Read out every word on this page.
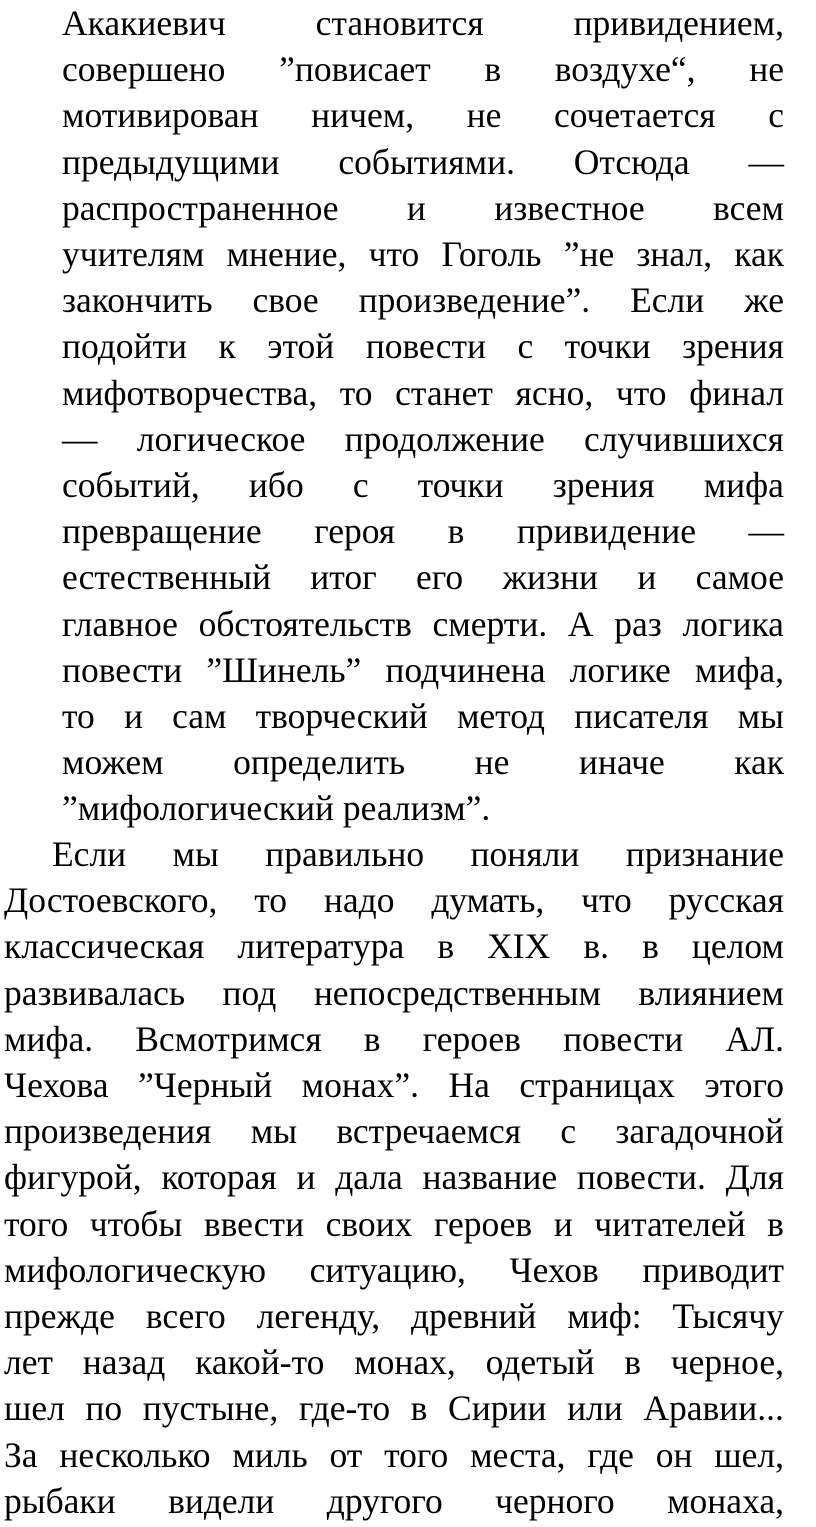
Акакиевич	становится	привидением,
совершено ”повисает в воздухе“, не
мотивирован ничем, не сочетается с
предыдущими событиями. Отсюда —
распространенное и известное всем
учителям мнение, что Гоголь ”не знал, как
закончить свое произведение”. Если же
подойти к этой повести с точки зрения
мифотворчества, то станет ясно, что финал
— логическое продолжение случившихся
событий, ибо с точки зрения мифа
превращение героя в привидение —
естественный итог его жизни и самое
главное обстоятельств смерти. А раз логика
повести ”Шинель” подчинена логике мифа,
то и сам творческий метод писателя мы
можем определить не иначе как
”мифологический реализм”.
Если мы правильно поняли признание
Достоевского, то надо думать, что русская
классическая литература в XIX в. в целом
развивалась под непосредственным влиянием
мифа. Всмотримся в героев повести АЛ.
Чехова ”Черный монах”. На страницах этого
произведения мы встречаемся с загадочной
фигурой, которая и дала название повести. Для
того чтобы ввести своих героев и читателей в
мифологическую ситуацию, Чехов приводит
прежде всего легенду, древний миф: Тысячу
лет назад какой-то монах, одетый в черное,
шел по пустыне, где-то в Сирии или Аравии...
За несколько миль от того места, где он шел,
рыбаки видели другого черного монаха,
